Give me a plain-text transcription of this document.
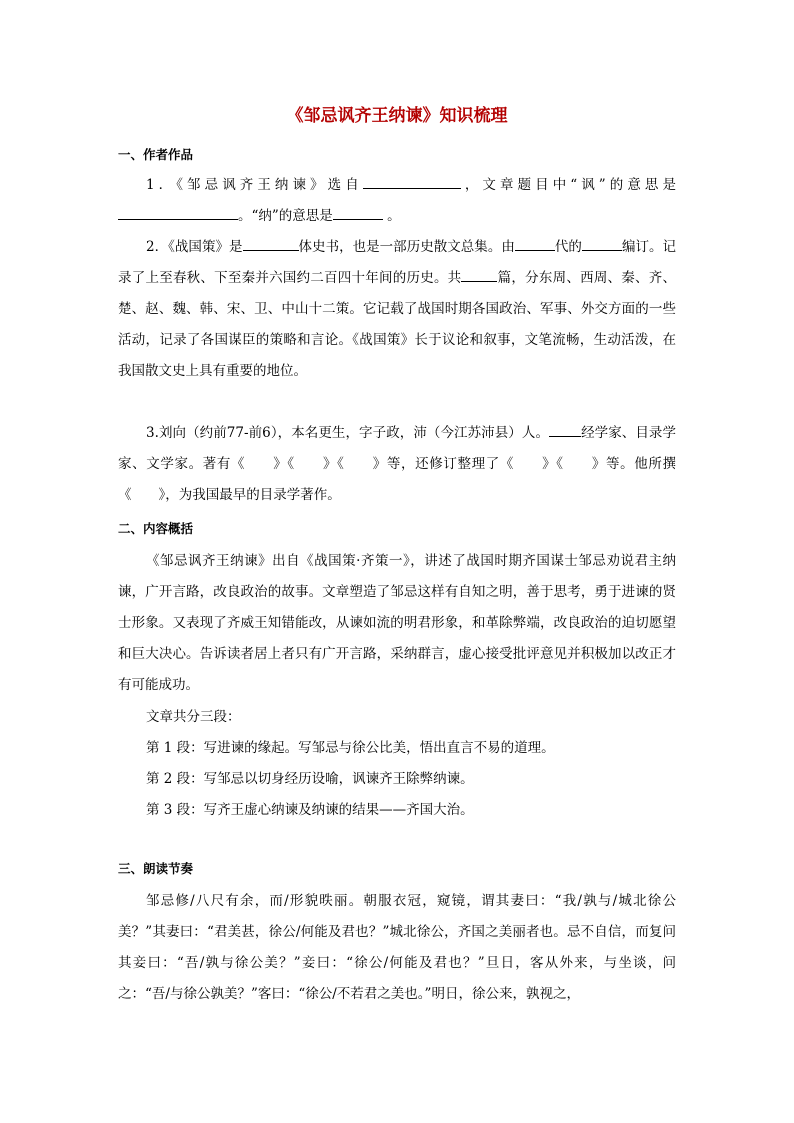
《邹忌讽齐王纳谏》知识梳理
一、作者作品

1．《邹忌讽齐王纳谏》选自	，文章题目中“讽”的意思是。“纳”的意思是	。

2．《战国策》是	体史书，也是一部历史散文总集。由	代的	编订。记录了上至春秋、下至秦并六国约二百四十年间的历史。共	篇，分东周、西周、秦、齐、楚、赵、魏、韩、宋、卫、中山十二策。它记载了战国时期各国政治、军事、外交方面的一些活动，记录了各国谋臣的策略和言论。《战国策》长于议论和叙事，文笔流畅，生动活泼，在我国散文史上具有重要的地位。

3.刘向（约前77-前6），本名更生，字子政，沛（今江苏沛县）人。 经学家、目录学家、文学家。著有《　　》《　　》《　　》等，还修订整理了《　　》《　　》等。他所撰《　　》，为我国最早的目录学著作。

二、内容概括

《邹忌讽齐王纳谏》出自《战国策·齐策一》，讲述了战国时期齐国谋士邹忌劝说君主纳谏，广开言路，改良政治的故事。文章塑造了邹忌这样有自知之明，善于思考，勇于进谏的贤士形象。又表现了齐威王知错能改，从谏如流的明君形象，和革除弊端，改良政治的迫切愿望和巨大决心。告诉读者居上者只有广开言路，采纳群言，虚心接受批评意见并积极加以改正才有可能成功。

文章共分三段：
第 1 段：写进谏的缘起。写邹忌与徐公比美，悟出直言不易的道理。
第 2 段：写邹忌以切身经历设喻，讽谏齐王除弊纳谏。
第 3 段：写齐王虚心纳谏及纳谏的结果——齐国大治。
三、朗读节奏

邹忌修/八尺有余，而/形貌昳丽。朝服衣冠，窥镜，谓其妻曰：“我/孰与/城北徐公美？”其妻曰：“君美甚，徐公/何能及君也？”城北徐公，齐国之美丽者也。忌不自信，而复问其妾曰：“吾/孰与徐公美？”妾曰：“徐公/何能及君也？”旦日，客从外来，与坐谈，问之：“吾/与徐公孰美？”客曰：“徐公/不若君之美也。”明日，徐公来，孰视之，
